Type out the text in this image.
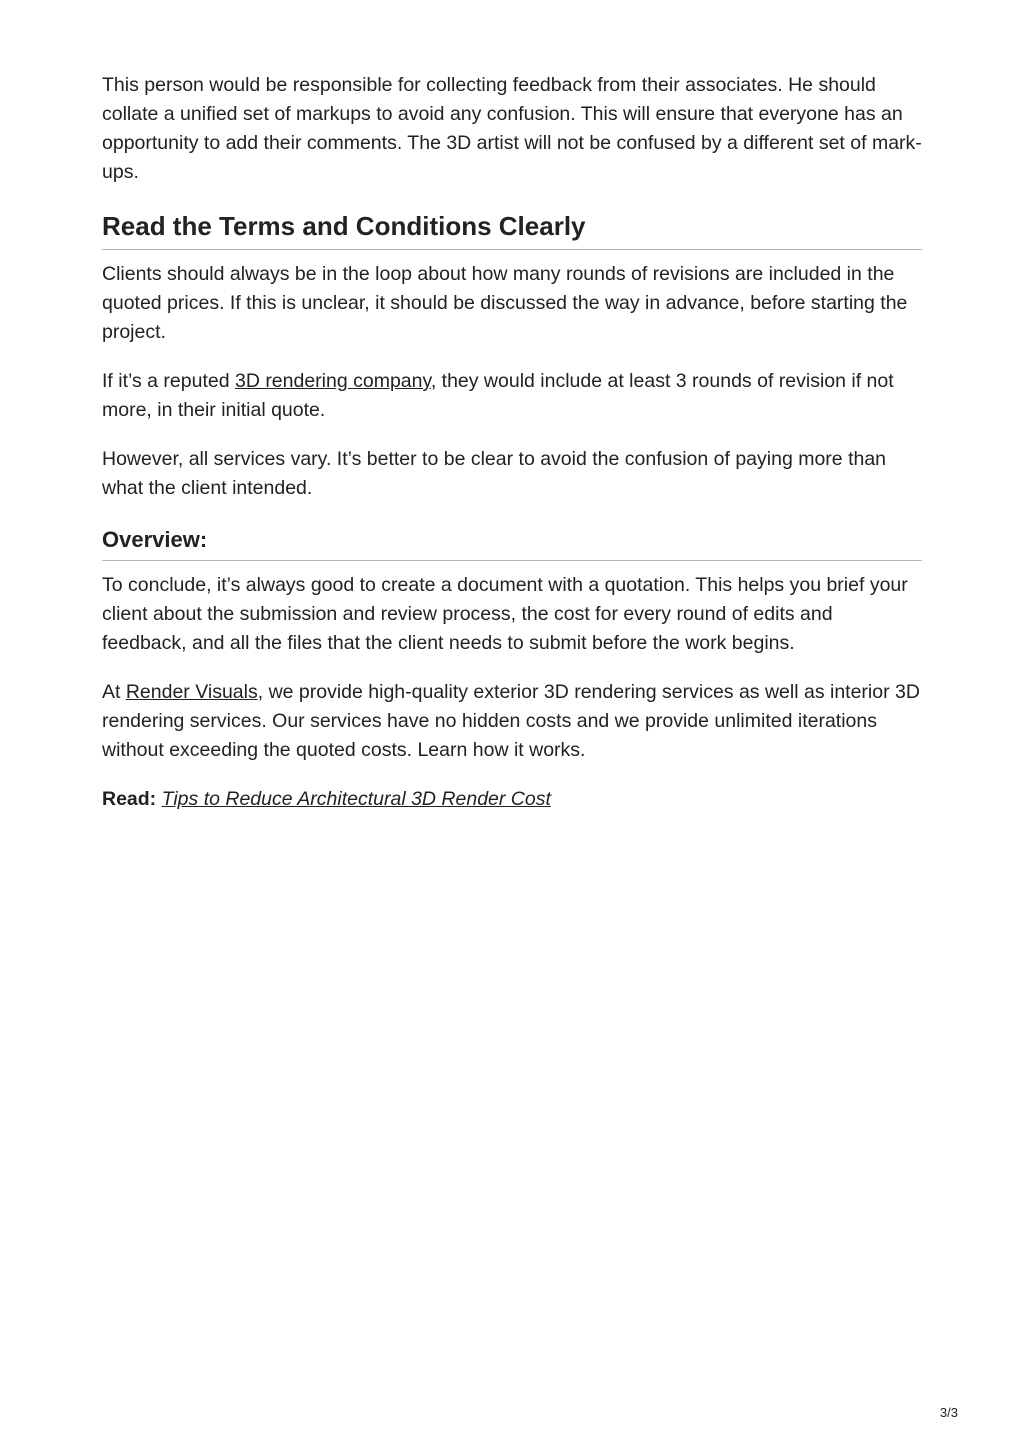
This person would be responsible for collecting feedback from their associates. He should collate a unified set of markups to avoid any confusion. This will ensure that everyone has an opportunity to add their comments. The 3D artist will not be confused by a different set of mark-ups.

Read the Terms and Conditions Clearly

Clients should always be in the loop about how many rounds of revisions are included in the quoted prices. If this is unclear, it should be discussed the way in advance, before starting the project.

If it’s a reputed 3D rendering company, they would include at least 3 rounds of revision if not more, in their initial quote.

However, all services vary. It’s better to be clear to avoid the confusion of paying more than what the client intended.

Overview:

To conclude, it’s always good to create a document with a quotation. This helps you brief your client about the submission and review process, the cost for every round of edits and feedback, and all the files that the client needs to submit before the work begins.

At Render Visuals, we provide high-quality exterior 3D rendering services as well as interior 3D rendering services. Our services have no hidden costs and we provide unlimited iterations without exceeding the quoted costs. Learn how it works.

Read: Tips to Reduce Architectural 3D Render Cost

3/3
